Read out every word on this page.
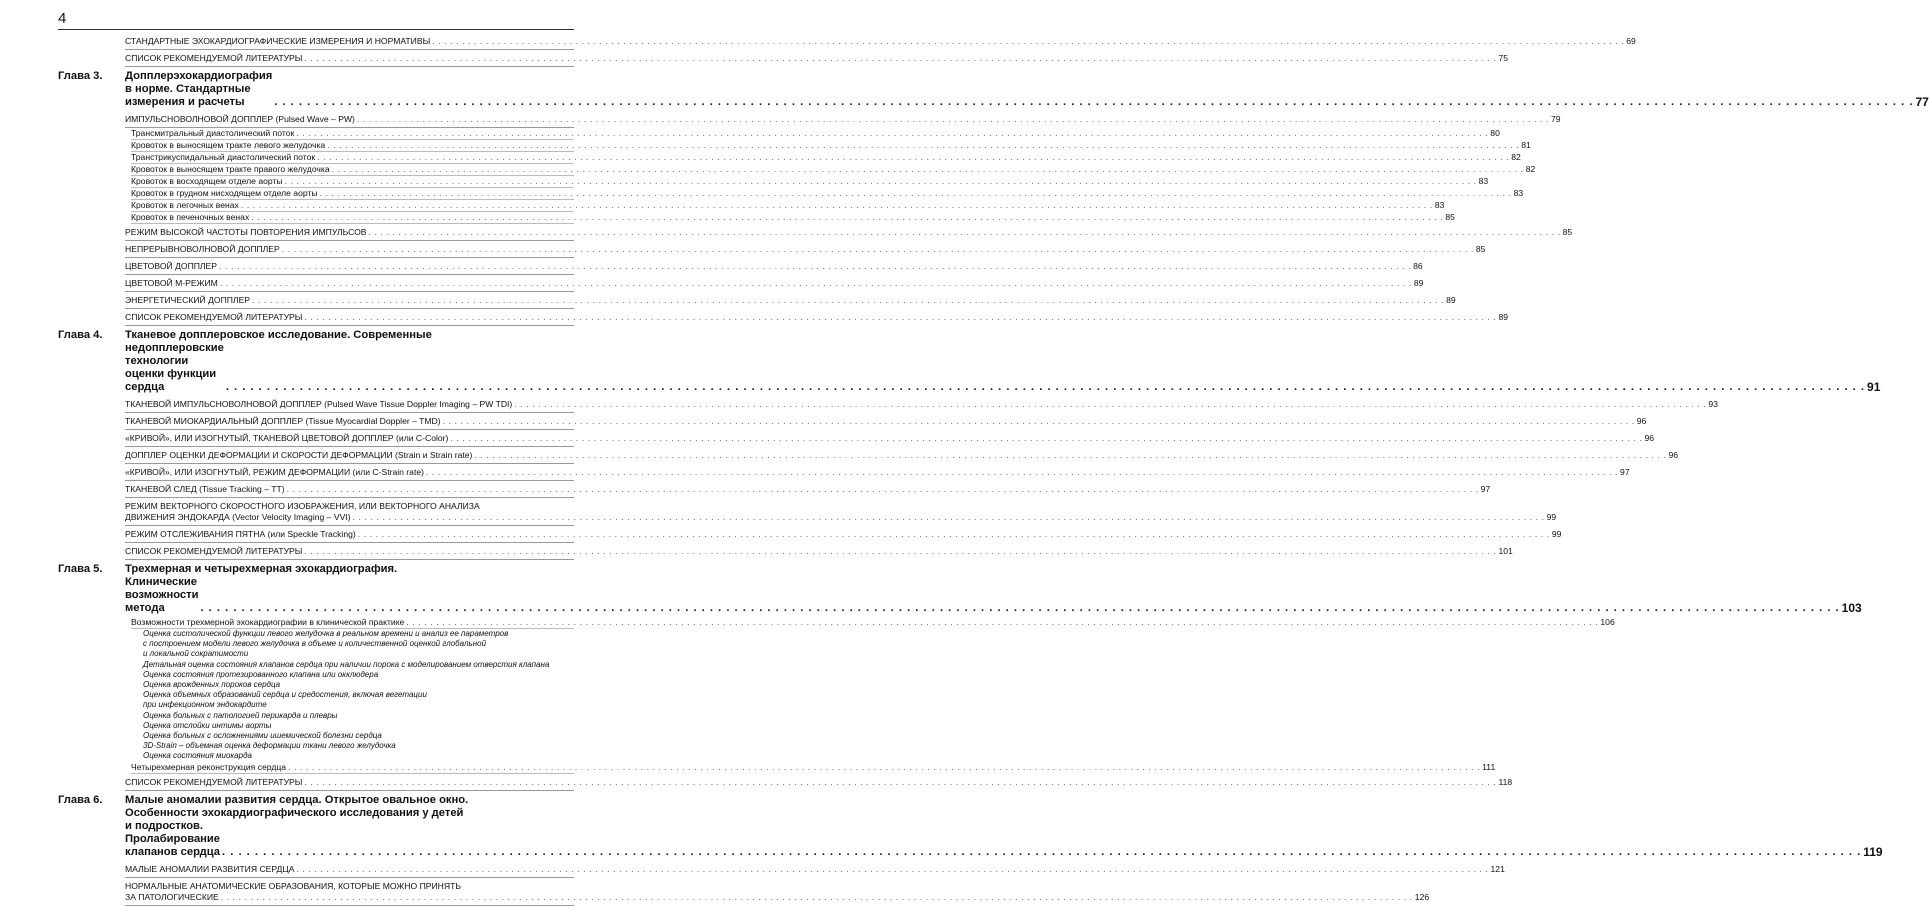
4
СТАНДАРТНЫЕ ЭХОКАРДИОГРАФИЧЕСКИЕ ИЗМЕРЕНИЯ И НОРМАТИВЫ . . . . . . . . . . . . . . . . . . . . . . . . . . . . . . . . . . . . . . . . . . . . . . . . . . . . . . . . . . . . . . . . . . . . . . . . . . . . . . . . . . . . . . . . . . . . . . . . . . . . . . . . . . . . . . . . . . . . . . . . . . . . . . . . . . . . . . . . . . . . . . . . . . . . . . . . . . . . . . . . . . . . . . . . . . . . . . . . . . . . . . . . . . . . . . . . . . . . . . . . 69
СПИСОК РЕКОМЕНДУЕМОЙ ЛИТЕРАТУРЫ . . . . . . . . . . . . . . . . . . . . . . . . . . . . . . . . . . . . . . . . . . . . . . . . . . . . . . . . . . . . . . . . . . . . . . . . . . . . . . . . . . . . . . . . . . . . . . . . . . . . . . . . . . . . . . . . . . . . . . . . . . . . . . . . . . . . . . . . . . . . . . . . . . . . . . . . . . . . . . . . . . . . . . . . . . . . . . . . . . . . . . . . . . . . . . . . . . . . . . . . 75
Глава 3. Допплерэхокардиография в норме. Стандартные измерения и расчеты	. . . . . . . . . . . . . . . . . . . . . . . . . . . . . . . . . . . . . . . . . . . . . . . . . . . . . . . . . . . . . . . . . . . . . . . . . . . . . . . . . . . . . . . . . . . . . . . . . . . . . . . . . . . . . . . . . . . . . . . . . . . . . . . . . . . . . . . . . . . . . . . . . . . . . . . . . . . . . . . . . . . . . . . . . . . . . . . . . . . . . . . . . . . . . . . . . . . . . . . . 77
ИМПУЛЬСНОВОЛНОВОЙ ДОППЛЕР (Pulsed Wave – PW) . . . . . . . . . . . . . . . . . . . . . . . . . . . . . . . . . . . . . . . . . . . . . . . . . . . . . . . . . . . . . . . . . . . . . . . . . . . . . . . . . . . . . . . . . . . . . . . . . . . . . . . . . . . . . . . . . . . . . . . . . . . . . . . . . . . . . . . . . . . . . . . . . . . . . . . . . . . . . . . . . . . . . . . . . . . . . . . . . . . . . . . . . . . . . . . . . . . . . . . . 79
Трансмитральный диастолический поток . . . . . . . . . . . . . . . . . . . . . . . . . . . . . . . . . . . . . . . . . . . . . . . . . . . . . . . . . . . . . . . . . . . . . . . . . . . . . . . . . . . . . . . . . . . . . . . . . . . . . . . . . . . . . . . . . . . . . . . . . . . . . . . . . . . . . . . . . . . . . . . . . . . . . . . . . . . . . . . . . . . . . . . . . . . . . . . . . . . . . . . . . . . . . . . . . . . . . . . . 80
Кровоток в выносящем тракте левого желудочка . . . . . . . . . . . . . . . . . . . . . . . . . . . . . . . . . . . . . . . . . . . . . . . . . . . . . . . . . . . . . . . . . . . . . . . . . . . . . . . . . . . . . . . . . . . . . . . . . . . . . . . . . . . . . . . . . . . . . . . . . . . . . . . . . . . . . . . . . . . . . . . . . . . . . . . . . . . . . . . . . . . . . . . . . . . . . . . . . . . . . . . . . . . . . . . . . . . . . . . . 81
Транстрикуспидальный диастолический поток . . . . . . . . . . . . . . . . . . . . . . . . . . . . . . . . . . . . . . . . . . . . . . . . . . . . . . . . . . . . . . . . . . . . . . . . . . . . . . . . . . . . . . . . . . . . . . . . . . . . . . . . . . . . . . . . . . . . . . . . . . . . . . . . . . . . . . . . . . . . . . . . . . . . . . . . . . . . . . . . . . . . . . . . . . . . . . . . . . . . . . . . . . . . . . . . . . . . . . . . 82
Кровоток в выносящем тракте правого желудочка . . . . . . . . . . . . . . . . . . . . . . . . . . . . . . . . . . . . . . . . . . . . . . . . . . . . . . . . . . . . . . . . . . . . . . . . . . . . . . . . . . . . . . . . . . . . . . . . . . . . . . . . . . . . . . . . . . . . . . . . . . . . . . . . . . . . . . . . . . . . . . . . . . . . . . . . . . . . . . . . . . . . . . . . . . . . . . . . . . . . . . . . . . . . . . . . . . . . . . . . 82
Кровоток в восходящем отделе аорты . . . . . . . . . . . . . . . . . . . . . . . . . . . . . . . . . . . . . . . . . . . . . . . . . . . . . . . . . . . . . . . . . . . . . . . . . . . . . . . . . . . . . . . . . . . . . . . . . . . . . . . . . . . . . . . . . . . . . . . . . . . . . . . . . . . . . . . . . . . . . . . . . . . . . . . . . . . . . . . . . . . . . . . . . . . . . . . . . . . . . . . . . . . . . . . . . . . . . . . . 83
Кровоток в грудном нисходящем отделе аорты . . . . . . . . . . . . . . . . . . . . . . . . . . . . . . . . . . . . . . . . . . . . . . . . . . . . . . . . . . . . . . . . . . . . . . . . . . . . . . . . . . . . . . . . . . . . . . . . . . . . . . . . . . . . . . . . . . . . . . . . . . . . . . . . . . . . . . . . . . . . . . . . . . . . . . . . . . . . . . . . . . . . . . . . . . . . . . . . . . . . . . . . . . . . . . . . . . . . . . . . 83
Кровоток в легочных венах . . . . . . . . . . . . . . . . . . . . . . . . . . . . . . . . . . . . . . . . . . . . . . . . . . . . . . . . . . . . . . . . . . . . . . . . . . . . . . . . . . . . . . . . . . . . . . . . . . . . . . . . . . . . . . . . . . . . . . . . . . . . . . . . . . . . . . . . . . . . . . . . . . . . . . . . . . . . . . . . . . . . . . . . . . . . . . . . . . . . . . . . . . . . . . . . . . . . . . . . 83
Кровоток в печеночных венах . . . . . . . . . . . . . . . . . . . . . . . . . . . . . . . . . . . . . . . . . . . . . . . . . . . . . . . . . . . . . . . . . . . . . . . . . . . . . . . . . . . . . . . . . . . . . . . . . . . . . . . . . . . . . . . . . . . . . . . . . . . . . . . . . . . . . . . . . . . . . . . . . . . . . . . . . . . . . . . . . . . . . . . . . . . . . . . . . . . . . . . . . . . . . . . . . . . . . . . . 85
РЕЖИМ ВЫСОКОЙ ЧАСТОТЫ ПОВТОРЕНИЯ ИМПУЛЬСОВ . . . . . . . . . . . . . . . . . . . . . . . . . . . . . . . . . . . . . . . . . . . . . . . . . . . . . . . . . . . . . . . . . . . . . . . . . . . . . . . . . . . . . . . . . . . . . . . . . . . . . . . . . . . . . . . . . . . . . . . . . . . . . . . . . . . . . . . . . . . . . . . . . . . . . . . . . . . . . . . . . . . . . . . . . . . . . . . . . . . . . . . . . . . . . . . . . . . . . . . . 85
НЕПРЕРЫВНОВОЛНОВОЙ ДОППЛЕР . . . . . . . . . . . . . . . . . . . . . . . . . . . . . . . . . . . . . . . . . . . . . . . . . . . . . . . . . . . . . . . . . . . . . . . . . . . . . . . . . . . . . . . . . . . . . . . . . . . . . . . . . . . . . . . . . . . . . . . . . . . . . . . . . . . . . . . . . . . . . . . . . . . . . . . . . . . . . . . . . . . . . . . . . . . . . . . . . . . . . . . . . . . . . . . . . . . . . . . . 85
ЦВЕТОВОЙ ДОППЛЕР . . . . . . . . . . . . . . . . . . . . . . . . . . . . . . . . . . . . . . . . . . . . . . . . . . . . . . . . . . . . . . . . . . . . . . . . . . . . . . . . . . . . . . . . . . . . . . . . . . . . . . . . . . . . . . . . . . . . . . . . . . . . . . . . . . . . . . . . . . . . . . . . . . . . . . . . . . . . . . . . . . . . . . . . . . . . . . . . . . . . . . . . . . . . . . . . . . . . . . . . 86
ЦВЕТОВОЙ М-РЕЖИМ . . . . . . . . . . . . . . . . . . . . . . . . . . . . . . . . . . . . . . . . . . . . . . . . . . . . . . . . . . . . . . . . . . . . . . . . . . . . . . . . . . . . . . . . . . . . . . . . . . . . . . . . . . . . . . . . . . . . . . . . . . . . . . . . . . . . . . . . . . . . . . . . . . . . . . . . . . . . . . . . . . . . . . . . . . . . . . . . . . . . . . . . . . . . . . . . . . . . . . . . 89
ЭНЕРГЕТИЧЕСКИЙ ДОППЛЕР . . . . . . . . . . . . . . . . . . . . . . . . . . . . . . . . . . . . . . . . . . . . . . . . . . . . . . . . . . . . . . . . . . . . . . . . . . . . . . . . . . . . . . . . . . . . . . . . . . . . . . . . . . . . . . . . . . . . . . . . . . . . . . . . . . . . . . . . . . . . . . . . . . . . . . . . . . . . . . . . . . . . . . . . . . . . . . . . . . . . . . . . . . . . . . . . . . . . . . . . 89
СПИСОК РЕКОМЕНДУЕМОЙ ЛИТЕРАТУРЫ . . . . . . . . . . . . . . . . . . . . . . . . . . . . . . . . . . . . . . . . . . . . . . . . . . . . . . . . . . . . . . . . . . . . . . . . . . . . . . . . . . . . . . . . . . . . . . . . . . . . . . . . . . . . . . . . . . . . . . . . . . . . . . . . . . . . . . . . . . . . . . . . . . . . . . . . . . . . . . . . . . . . . . . . . . . . . . . . . . . . . . . . . . . . . . . . . . . . . . . . 89
Глава 4. Тканевое допплеровское исследование. Современные
недопплеровские технологии оценки функции сердца	. . . . . . . . . . . . . . . . . . . . . . . . . . . . . . . . . . . . . . . . . . . . . . . . . . . . . . . . . . . . . . . . . . . . . . . . . . . . . . . . . . . . . . . . . . . . . . . . . . . . . . . . . . . . . . . . . . . . . . . . . . . . . . . . . . . . . . . . . . . . . . . . . . . . . . . . . . . . . . . . . . . . . . . . . . . . . . . . . . . . . . . . . . . . . . . . . . . . . . . . 91
ТКАНЕВОЙ ИМПУЛЬСНОВОЛНОВОЙ ДОППЛЕР (Pulsed Wave Tissue Doppler Imaging – PW TDI) . . . . . . . . . . . . . . . . . . . . . . . . . . . . . . . . . . . . . . . . . . . . . . . . . . . . . . . . . . . . . . . . . . . . . . . . . . . . . . . . . . . . . . . . . . . . . . . . . . . . . . . . . . . . . . . . . . . . . . . . . . . . . . . . . . . . . . . . . . . . . . . . . . . . . . . . . . . . . . . . . . . . . . . . . . . . . . . . . . . . . . . . . . . . . . . . . . . . . . . . 93
ТКАНЕВОЙ МИОКАРДИАЛЬНЫЙ ДОППЛЕР (Tissue Myocardial Doppler – TMD) . . . . . . . . . . . . . . . . . . . . . . . . . . . . . . . . . . . . . . . . . . . . . . . . . . . . . . . . . . . . . . . . . . . . . . . . . . . . . . . . . . . . . . . . . . . . . . . . . . . . . . . . . . . . . . . . . . . . . . . . . . . . . . . . . . . . . . . . . . . . . . . . . . . . . . . . . . . . . . . . . . . . . . . . . . . . . . . . . . . . . . . . . . . . . . . . . . . . . . . . 96
«КРИВОЙ», ИЛИ ИЗОГНУТЫЙ, ТКАНЕВОЙ ЦВЕТОВОЙ ДОППЛЕР (или C-Color) . . . . . . . . . . . . . . . . . . . . . . . . . . . . . . . . . . . . . . . . . . . . . . . . . . . . . . . . . . . . . . . . . . . . . . . . . . . . . . . . . . . . . . . . . . . . . . . . . . . . . . . . . . . . . . . . . . . . . . . . . . . . . . . . . . . . . . . . . . . . . . . . . . . . . . . . . . . . . . . . . . . . . . . . . . . . . . . . . . . . . . . . . . . . . . . . . . . . . . . . 96
ДОППЛЕР ОЦЕНКИ ДЕФОРМАЦИИ И СКОРОСТИ ДЕФОРМАЦИИ (Strain и Strain rate) . . . . . . . . . . . . . . . . . . . . . . . . . . . . . . . . . . . . . . . . . . . . . . . . . . . . . . . . . . . . . . . . . . . . . . . . . . . . . . . . . . . . . . . . . . . . . . . . . . . . . . . . . . . . . . . . . . . . . . . . . . . . . . . . . . . . . . . . . . . . . . . . . . . . . . . . . . . . . . . . . . . . . . . . . . . . . . . . . . . . . . . . . . . . . . . . . . . . . . . . 96
«КРИВОЙ», ИЛИ ИЗОГНУТЫЙ, РЕЖИМ ДЕФОРМАЦИИ (или C-Strain rate) . . . . . . . . . . . . . . . . . . . . . . . . . . . . . . . . . . . . . . . . . . . . . . . . . . . . . . . . . . . . . . . . . . . . . . . . . . . . . . . . . . . . . . . . . . . . . . . . . . . . . . . . . . . . . . . . . . . . . . . . . . . . . . . . . . . . . . . . . . . . . . . . . . . . . . . . . . . . . . . . . . . . . . . . . . . . . . . . . . . . . . . . . . . . . . . . . . . . . . . . 97
ТКАНЕВОЙ СЛЕД (Tissue Tracking – TT) . . . . . . . . . . . . . . . . . . . . . . . . . . . . . . . . . . . . . . . . . . . . . . . . . . . . . . . . . . . . . . . . . . . . . . . . . . . . . . . . . . . . . . . . . . . . . . . . . . . . . . . . . . . . . . . . . . . . . . . . . . . . . . . . . . . . . . . . . . . . . . . . . . . . . . . . . . . . . . . . . . . . . . . . . . . . . . . . . . . . . . . . . . . . . . . . . . . . . . . . 97
РЕЖИМ ВЕКТОРНОГО СКОРОСТНОГО ИЗОБРАЖЕНИЯ, ИЛИ ВЕКТОРНОГО АНАЛИЗА
ДВИЖЕНИЯ ЭНДОКАРДА (Vector Velocity Imaging – VVI) . . . . . . . . . . . . . . . . . . . . . . . . . . . . . . . . . . . . . . . . . . . . . . . . . . . . . . . . . . . . . . . . . . . . . . . . . . . . . . . . . . . . . . . . . . . . . . . . . . . . . . . . . . . . . . . . . . . . . . . . . . . . . . . . . . . . . . . . . . . . . . . . . . . . . . . . . . . . . . . . . . . . . . . . . . . . . . . . . . . . . . . . . . . . . . . . . . . . . . . . 99
РЕЖИМ ОТСЛЕЖИВАНИЯ ПЯТНА (или Speckle Tracking) . . . . . . . . . . . . . . . . . . . . . . . . . . . . . . . . . . . . . . . . . . . . . . . . . . . . . . . . . . . . . . . . . . . . . . . . . . . . . . . . . . . . . . . . . . . . . . . . . . . . . . . . . . . . . . . . . . . . . . . . . . . . . . . . . . . . . . . . . . . . . . . . . . . . . . . . . . . . . . . . . . . . . . . . . . . . . . . . . . . . . . . . . . . . . . . . . . . . . . . . 99
СПИСОК РЕКОМЕНДУЕМОЙ ЛИТЕРАТУРЫ . . . . . . . . . . . . . . . . . . . . . . . . . . . . . . . . . . . . . . . . . . . . . . . . . . . . . . . . . . . . . . . . . . . . . . . . . . . . . . . . . . . . . . . . . . . . . . . . . . . . . . . . . . . . . . . . . . . . . . . . . . . . . . . . . . . . . . . . . . . . . . . . . . . . . . . . . . . . . . . . . . . . . . . . . . . . . . . . . . . . . . . . . . . . . . . . . . . . . . . . 101
Глава 5. Трехмерная и четырехмерная эхокардиография.
Клинические возможности метода	. . . . . . . . . . . . . . . . . . . . . . . . . . . . . . . . . . . . . . . . . . . . . . . . . . . . . . . . . . . . . . . . . . . . . . . . . . . . . . . . . . . . . . . . . . . . . . . . . . . . . . . . . . . . . . . . . . . . . . . . . . . . . . . . . . . . . . . . . . . . . . . . . . . . . . . . . . . . . . . . . . . . . . . . . . . . . . . . . . . . . . . . . . . . . . . . . . . . . . . . 103
Возможности трехмерной эхокардиографии в клинической практике . . . . . . . . . . . . . . . . . . . . . . . . . . . . . . . . . . . . . . . . . . . . . . . . . . . . . . . . . . . . . . . . . . . . . . . . . . . . . . . . . . . . . . . . . . . . . . . . . . . . . . . . . . . . . . . . . . . . . . . . . . . . . . . . . . . . . . . . . . . . . . . . . . . . . . . . . . . . . . . . . . . . . . . . . . . . . . . . . . . . . . . . . . . . . . . . . . . . . . . . 106
Оценка систолической функции левого желудочка в реальном времени и анализ ее параметров
с построением модели левого желудочка в объеме и количественной оценкой глобальной
и локальной сократимости
Детальная оценка состояния клапанов сердца при наличии порока с моделированием отверстия клапана
Оценка состояния протезированного клапана или окклюдера
Оценка врожденных пороков сердца
Оценка объемных образований сердца и средостения, включая вегетации
при инфекционном эндокардите
Оценка больных с патологией перикарда и плевры
Оценка отслойки интимы аорты
Оценка больных с осложнениями ишемической болезни сердца
3D-Strain – объемная оценка деформации ткани левого желудочка
Оценка состояния миокарда
Четырехмерная реконструкция сердца . . . . . . . . . . . . . . . . . . . . . . . . . . . . . . . . . . . . . . . . . . . . . . . . . . . . . . . . . . . . . . . . . . . . . . . . . . . . . . . . . . . . . . . . . . . . . . . . . . . . . . . . . . . . . . . . . . . . . . . . . . . . . . . . . . . . . . . . . . . . . . . . . . . . . . . . . . . . . . . . . . . . . . . . . . . . . . . . . . . . . . . . . . . . . . . . . . . . . . . . 111
СПИСОК РЕКОМЕНДУЕМОЙ ЛИТЕРАТУРЫ . . . . . . . . . . . . . . . . . . . . . . . . . . . . . . . . . . . . . . . . . . . . . . . . . . . . . . . . . . . . . . . . . . . . . . . . . . . . . . . . . . . . . . . . . . . . . . . . . . . . . . . . . . . . . . . . . . . . . . . . . . . . . . . . . . . . . . . . . . . . . . . . . . . . . . . . . . . . . . . . . . . . . . . . . . . . . . . . . . . . . . . . . . . . . . . . . . . . . . . . 118
Глава 6. Малые аномалии развития сердца. Открытое овальное окно.
Особенности эхокардиографического исследования у детей
и подростков. Пролабирование клапанов сердца . . . . . . . . . . . . . . . . . . . . . . . . . . . . . . . . . . . . . . . . . . . . . . . . . . . . . . . . . . . . . . . . . . . . . . . . . . . . . . . . . . . . . . . . . . . . . . . . . . . . . . . . . . . . . . . . . . . . . . . . . . . . . . . . . . . . . . . . . . . . . . . . . . . . . . . . . . . . . . . . . . . . . . . . . . . . . . . . . . . . . . . . . . . . . . . . . . . . . . . . 119
МАЛЫЕ АНОМАЛИИ РАЗВИТИЯ СЕРДЦА . . . . . . . . . . . . . . . . . . . . . . . . . . . . . . . . . . . . . . . . . . . . . . . . . . . . . . . . . . . . . . . . . . . . . . . . . . . . . . . . . . . . . . . . . . . . . . . . . . . . . . . . . . . . . . . . . . . . . . . . . . . . . . . . . . . . . . . . . . . . . . . . . . . . . . . . . . . . . . . . . . . . . . . . . . . . . . . . . . . . . . . . . . . . . . . . . . . . . . . . 121
НОРМАЛЬНЫЕ АНАТОМИЧЕСКИЕ ОБРАЗОВАНИЯ, КОТОРЫЕ МОЖНО ПРИНЯТЬ
ЗА ПАТОЛОГИЧЕСКИЕ . . . . . . . . . . . . . . . . . . . . . . . . . . . . . . . . . . . . . . . . . . . . . . . . . . . . . . . . . . . . . . . . . . . . . . . . . . . . . . . . . . . . . . . . . . . . . . . . . . . . . . . . . . . . . . . . . . . . . . . . . . . . . . . . . . . . . . . . . . . . . . . . . . . . . . . . . . . . . . . . . . . . . . . . . . . . . . . . . . . . . . . . . . . . . . . . . . . . . . . . 126
